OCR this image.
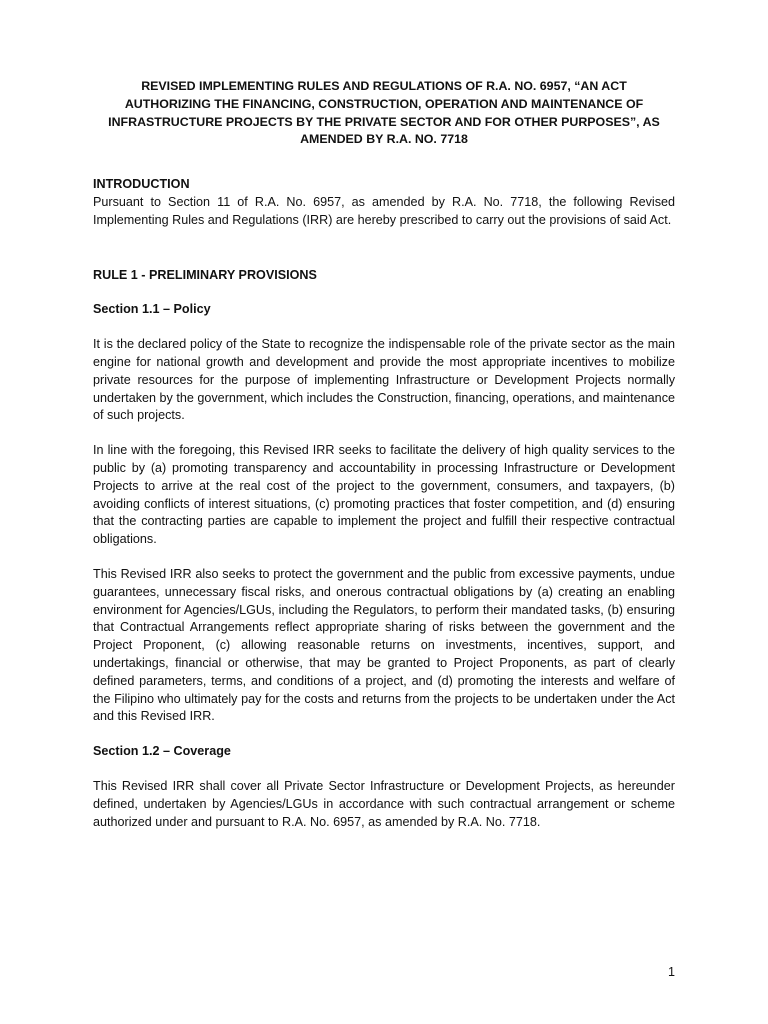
REVISED IMPLEMENTING RULES AND REGULATIONS OF R.A. NO. 6957, “AN ACT AUTHORIZING THE FINANCING, CONSTRUCTION, OPERATION AND MAINTENANCE OF INFRASTRUCTURE PROJECTS BY THE PRIVATE SECTOR AND FOR OTHER PURPOSES”, AS AMENDED BY R.A. NO. 7718
INTRODUCTION

Pursuant to Section 11 of R.A. No. 6957, as amended by R.A. No. 7718, the following Revised Implementing Rules and Regulations (IRR) are hereby prescribed to carry out the provisions of said Act.

RULE 1 - PRELIMINARY PROVISIONS
Section 1.1 – Policy

It is the declared policy of the State to recognize the indispensable role of the private sector as the main engine for national growth and development and provide the most appropriate incentives to mobilize private resources for the purpose of implementing Infrastructure or Development Projects normally undertaken by the government, which includes the Construction, financing, operations, and maintenance of such projects.

In line with the foregoing, this Revised IRR seeks to facilitate the delivery of high quality services to the public by (a) promoting transparency and accountability in processing Infrastructure or Development Projects to arrive at the real cost of the project to the government, consumers, and taxpayers, (b) avoiding conflicts of interest situations, (c) promoting practices that foster competition, and (d) ensuring that the contracting parties are capable to implement the project and fulfill their respective contractual obligations.

This Revised IRR also seeks to protect the government and the public from excessive payments, undue guarantees, unnecessary fiscal risks, and onerous contractual obligations by (a) creating an enabling environment for Agencies/LGUs, including the Regulators, to perform their mandated tasks, (b) ensuring that Contractual Arrangements reflect appropriate sharing of risks between the government and the Project Proponent, (c) allowing reasonable returns on investments, incentives, support, and undertakings, financial or otherwise, that may be granted to Project Proponents, as part of clearly defined parameters, terms, and conditions of a project, and (d) promoting the interests and welfare of the Filipino who ultimately pay for the costs and returns from the projects to be undertaken under the Act and this Revised IRR.

Section 1.2 – Coverage

This Revised IRR shall cover all Private Sector Infrastructure or Development Projects, as hereunder defined, undertaken by Agencies/LGUs in accordance with such contractual arrangement or scheme authorized under and pursuant to R.A. No. 6957, as amended by R.A. No. 7718.

1
